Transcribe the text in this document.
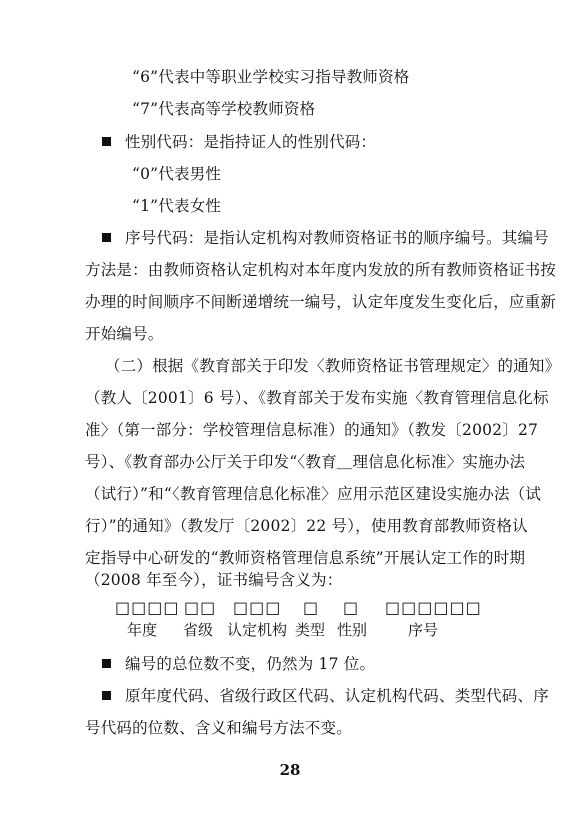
“6”代表中等职业学校实习指导教师资格
“7”代表高等学校教师资格
性别代码：是指持证人的性别代码：
“0”代表男性
“1”代表女性
序号代码：是指认定机构对教师资格证书的顺序编号。其编号
方法是：由教师资格认定机构对本年度内发放的所有教师资格证书按
办理的时间顺序不间断递增统一编号，认定年度发生变化后，应重新
开始编号。
（二）根据《教育部关于印发〈教师资格证书管理规定〉的通知》
（教人〔2001〕6 号）、《教育部关于发布实施〈教育管理信息化标
准〉（第一部分：学校管理信息标准）的通知》（教发〔2002〕27
号）、《教育部办公厅关于印发“〈教育＿理信息化标准〉实施办法
（试行）”和“〈教育管理信息化标准〉应用示范区建设实施办法（试
行）”的通知》（教发厅〔2002〕22 号），使用教育部教师资格认
定指导中心研发的“教师资格管理信息系统”开展认定工作的时期
（2008 年至今），证书编号含义为：
□□□□ □□ □□□ □ □ □□□□□□
年度 省级 认定机构 类型 性别	序号
编号的总位数不变，仍然为 17 位。
原年度代码、省级行政区代码、认定机构代码、类型代码、序
号代码的位数、含义和编号方法不变。
28
